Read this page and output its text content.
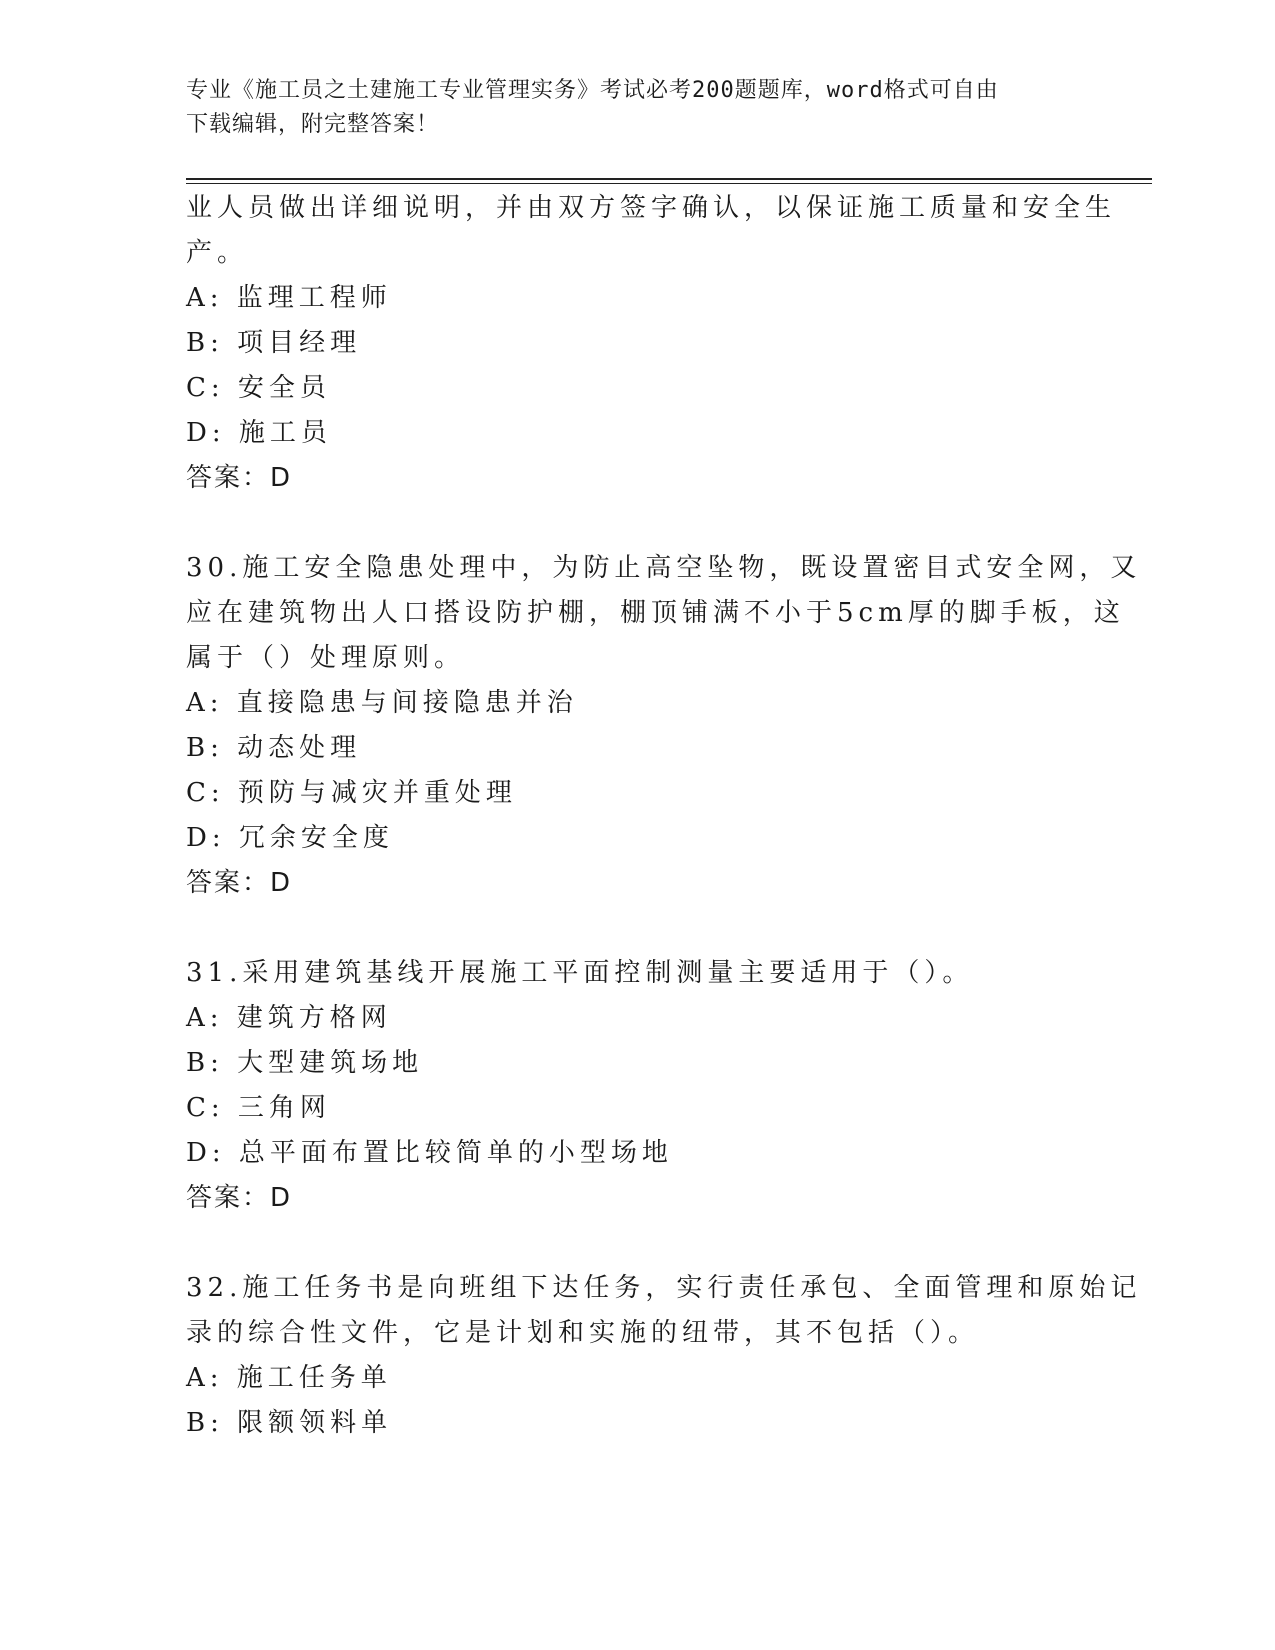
专业《施工员之土建施工专业管理实务》考试必考200题题库，word格式可自由
下载编辑，附完整答案！
业人员做出详细说明，并由双方签字确认，以保证施工质量和安全生
产。
A: 监理工程师
B: 项目经理
C: 安全员
D: 施工员
答案：D
30.施工安全隐患处理中，为防止高空坠物，既设置密目式安全网，又
应在建筑物出人口搭设防护棚，棚顶铺满不小于5cm厚的脚手板，这
属于（）处理原则。
A: 直接隐患与间接隐患并治
B: 动态处理
C: 预防与减灾并重处理
D: 冗余安全度
答案：D
31.采用建筑基线开展施工平面控制测量主要适用于（）。
A: 建筑方格网
B: 大型建筑场地
C: 三角网
D: 总平面布置比较简单的小型场地
答案：D
32.施工任务书是向班组下达任务，实行责任承包、全面管理和原始记
录的综合性文件，它是计划和实施的纽带，其不包括（）。
A: 施工任务单
B: 限额领料单
